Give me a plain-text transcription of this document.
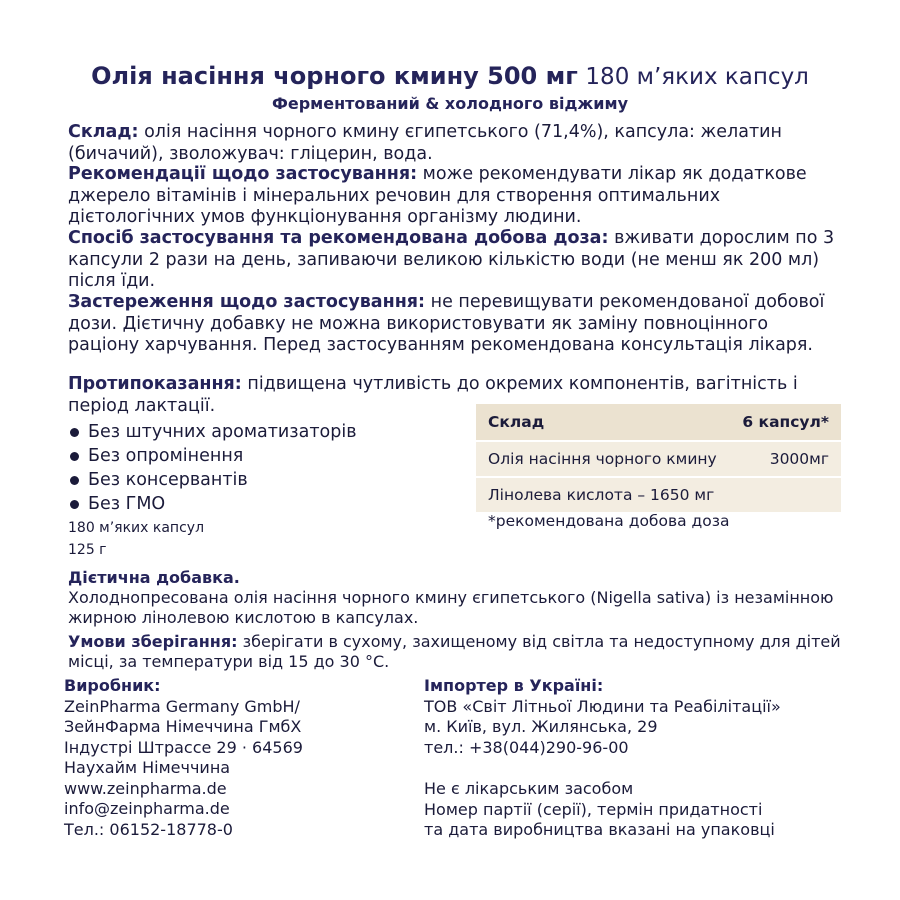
Олія насіння чорного кмину 500 мг 180 м’яких капсул
Ферментований & холодного віджиму
Склад: олія насіння чорного кмину єгипетського (71,4%), капсула: желатин (бичачий), зволожувач: гліцерин, вода.
Рекомендації щодо застосування: може рекомендувати лікар як додаткове джерело вітамінів і мінеральних речовин для створення оптимальних дієтологічних умов функціонування організму людини.
Спосіб застосування та рекомендована добова доза: вживати дорослим по 3 капсули 2 рази на день, запиваючи великою кількістю води (не менш як 200 мл) після їди.
Застереження щодо застосування: не перевищувати рекомендованої добової дози. Дієтичну добавку не можна використовувати як заміну повноцінного раціону харчування. Перед застосуванням рекомендована консультація лікаря.
Протипоказання: підвищена чутливість до окремих компонентів, вагітність і період лактації.
Без штучних ароматизаторів
Без опромінення
Без консервантів
Без ГМО
180 м’яких капсул
125 г
Склад	6 капсул*
Олія насіння чорного кмину	3000мг
Лінолева кислота – 1650 мг
*рекомендована добова доза
Дієтична добавка.
Холоднопресована олія насіння чорного кмину єгипетського (Nigella sativa) із незамінною жирною лінолевою кислотою в капсулах.
Умови зберігання: зберігати в сухому, захищеному від світла та недоступному для дітей місці, за температури від 15 до 30 °С.
Виробник:
ZeinPharma Germany GmbH/
ЗейнФарма Німеччина ГмбХ
Індустрі Штрассе 29 · 64569
Наухайм Німеччина
www.zeinpharma.de
info@zeinpharma.de
Тел.: 06152-18778-0
Імпортер в Україні:
ТОВ «Світ Літньої Людини та Реабілітації»
м. Київ, вул. Жилянська, 29
тел.: +38(044)290-96-00
Не є лікарським засобом
Номер партії (серії), термін придатності
та дата виробництва вказані на упаковці
